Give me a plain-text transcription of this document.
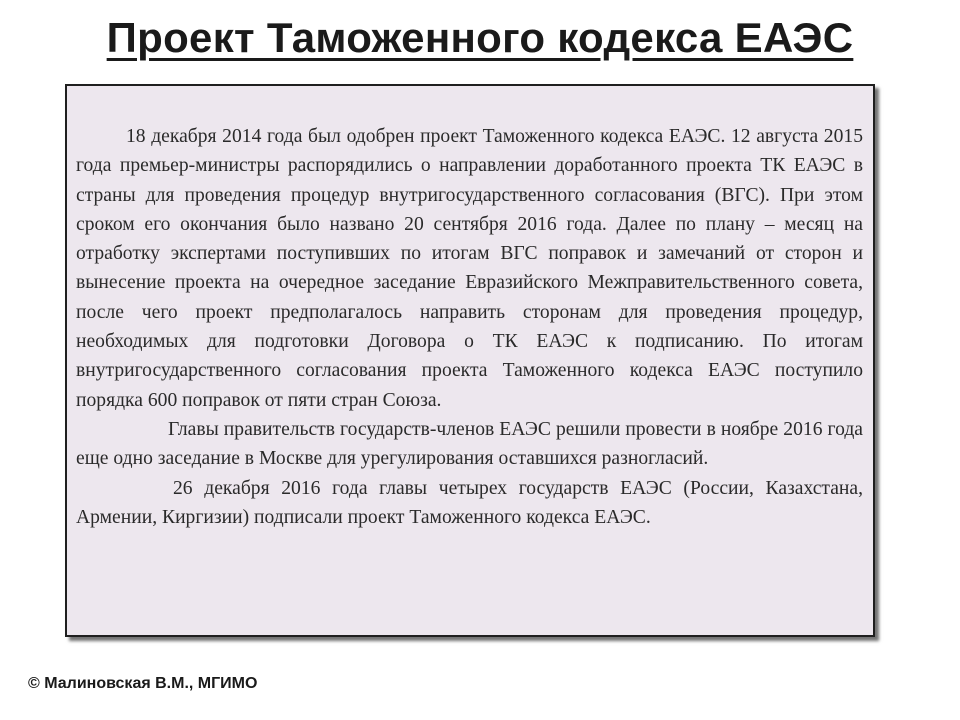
Проект Таможенного кодекса ЕАЭС

18 декабря 2014 года был одобрен проект Таможенного кодекса ЕАЭС. 12 августа 2015 года премьер-министры распорядились о направлении доработанного проекта ТК ЕАЭС в страны для проведения процедур внутригосударственного согласования (ВГС). При этом сроком его окончания было названо 20 сентября 2016 года. Далее по плану – месяц на отработку экспертами поступивших по итогам ВГС поправок и замечаний от сторон и вынесение проекта на очередное заседание Евразийского Межправительственного совета, после чего проект предполагалось направить сторонам для проведения процедур, необходимых для подготовки Договора о ТК ЕАЭС к подписанию. По итогам внутригосударственного согласования проекта Таможенного кодекса ЕАЭС поступило порядка 600 поправок от пяти стран Союза.

Главы правительств государств-членов ЕАЭС решили провести в ноябре 2016 года еще одно заседание в Москве для урегулирования оставшихся разногласий.

26 декабря 2016 года главы четырех государств ЕАЭС (России, Казахстана, Армении, Киргизии) подписали проект Таможенного кодекса ЕАЭС.

© Малиновская В.М., МГИМО
